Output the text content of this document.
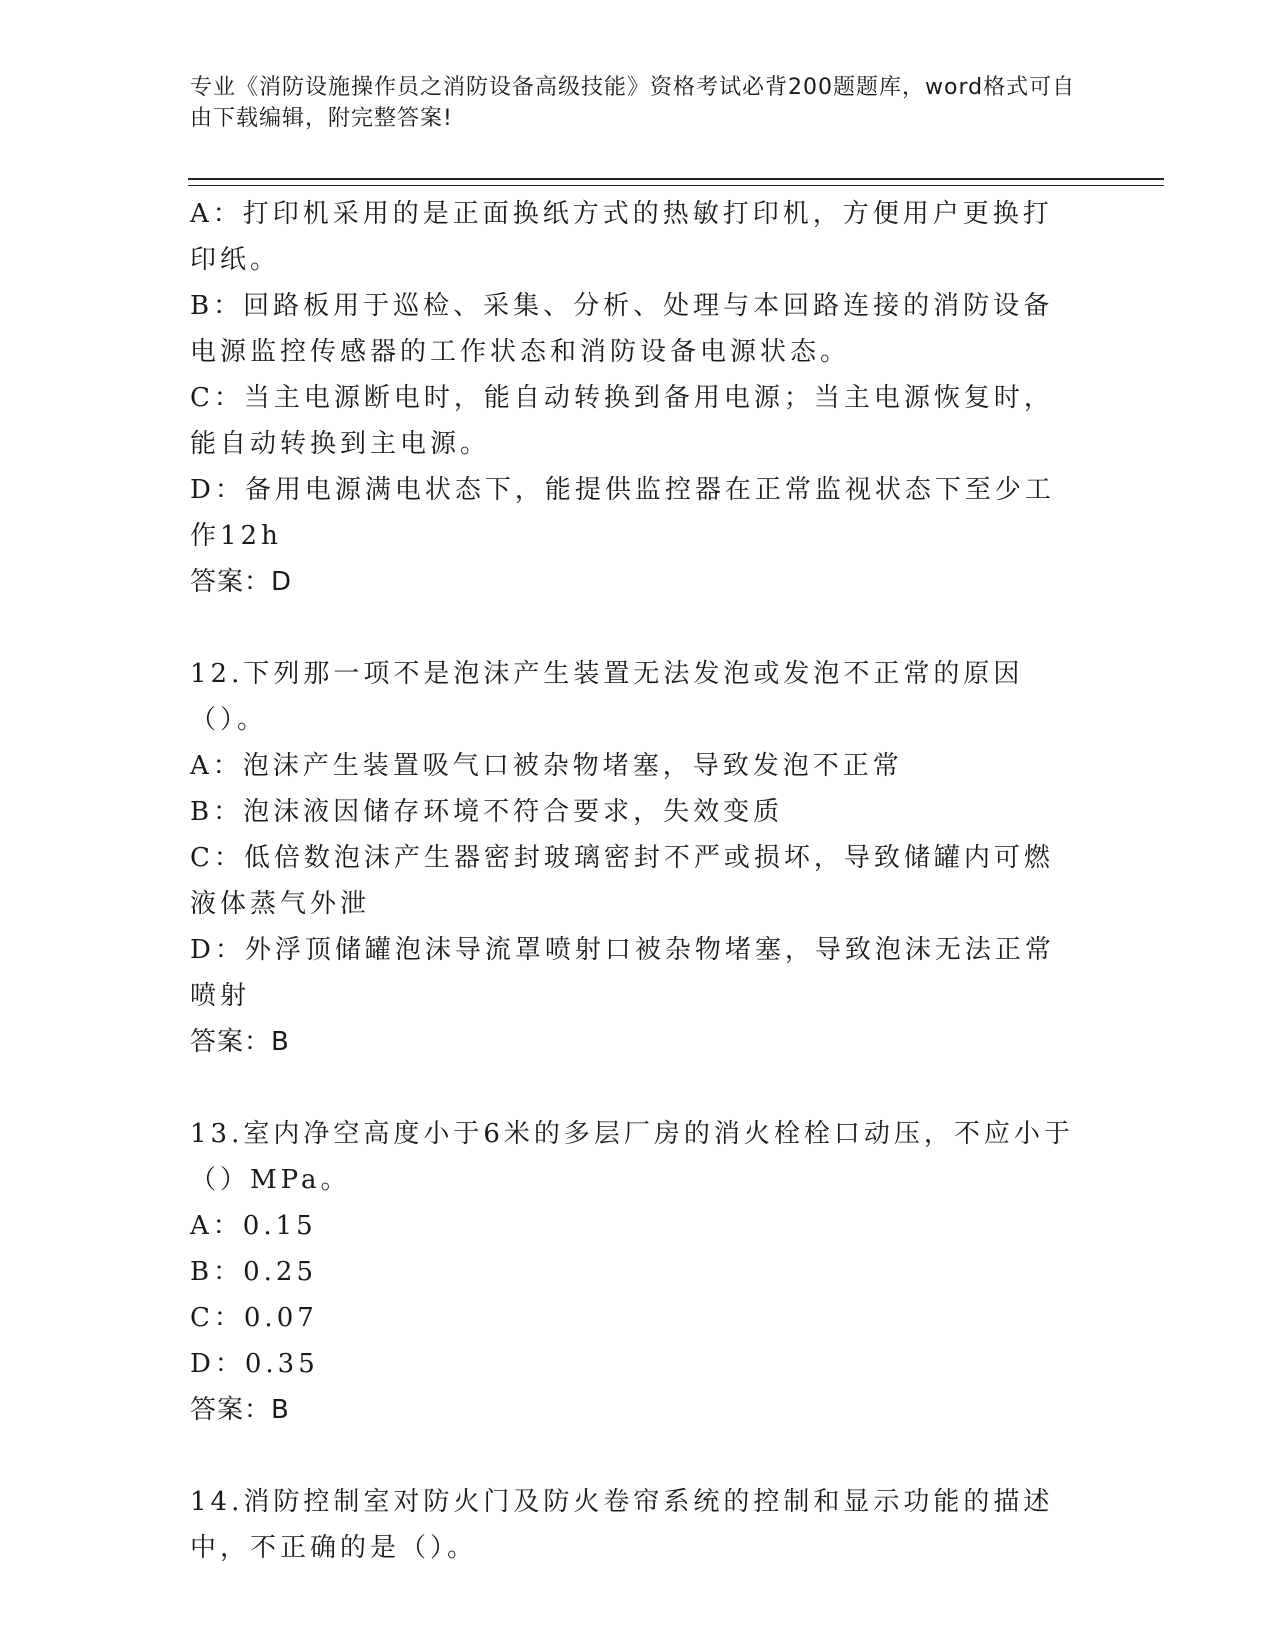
专业《消防设施操作员之消防设备高级技能》资格考试必背200题题库，word格式可自由下载编辑，附完整答案!
A：打印机采用的是正面换纸方式的热敏打印机，方便用户更换打印纸。
B：回路板用于巡检、采集、分析、处理与本回路连接的消防设备电源监控传感器的工作状态和消防设备电源状态。
C：当主电源断电时，能自动转换到备用电源；当主电源恢复时，能自动转换到主电源。
D：备用电源满电状态下，能提供监控器在正常监视状态下至少工作12h
答案：D
12.下列那一项不是泡沫产生装置无法发泡或发泡不正常的原因（）。
A：泡沫产生装置吸气口被杂物堵塞，导致发泡不正常
B：泡沫液因储存环境不符合要求，失效变质
C：低倍数泡沫产生器密封玻璃密封不严或损坏，导致储罐内可燃液体蒸气外泄
D：外浮顶储罐泡沫导流罩喷射口被杂物堵塞，导致泡沫无法正常喷射
答案：B
13.室内净空高度小于6米的多层厂房的消火栓栓口动压，不应小于（）MPa。
A：0.15
B：0.25
C：0.07
D：0.35
答案：B
14.消防控制室对防火门及防火卷帘系统的控制和显示功能的描述中，不正确的是（）。
